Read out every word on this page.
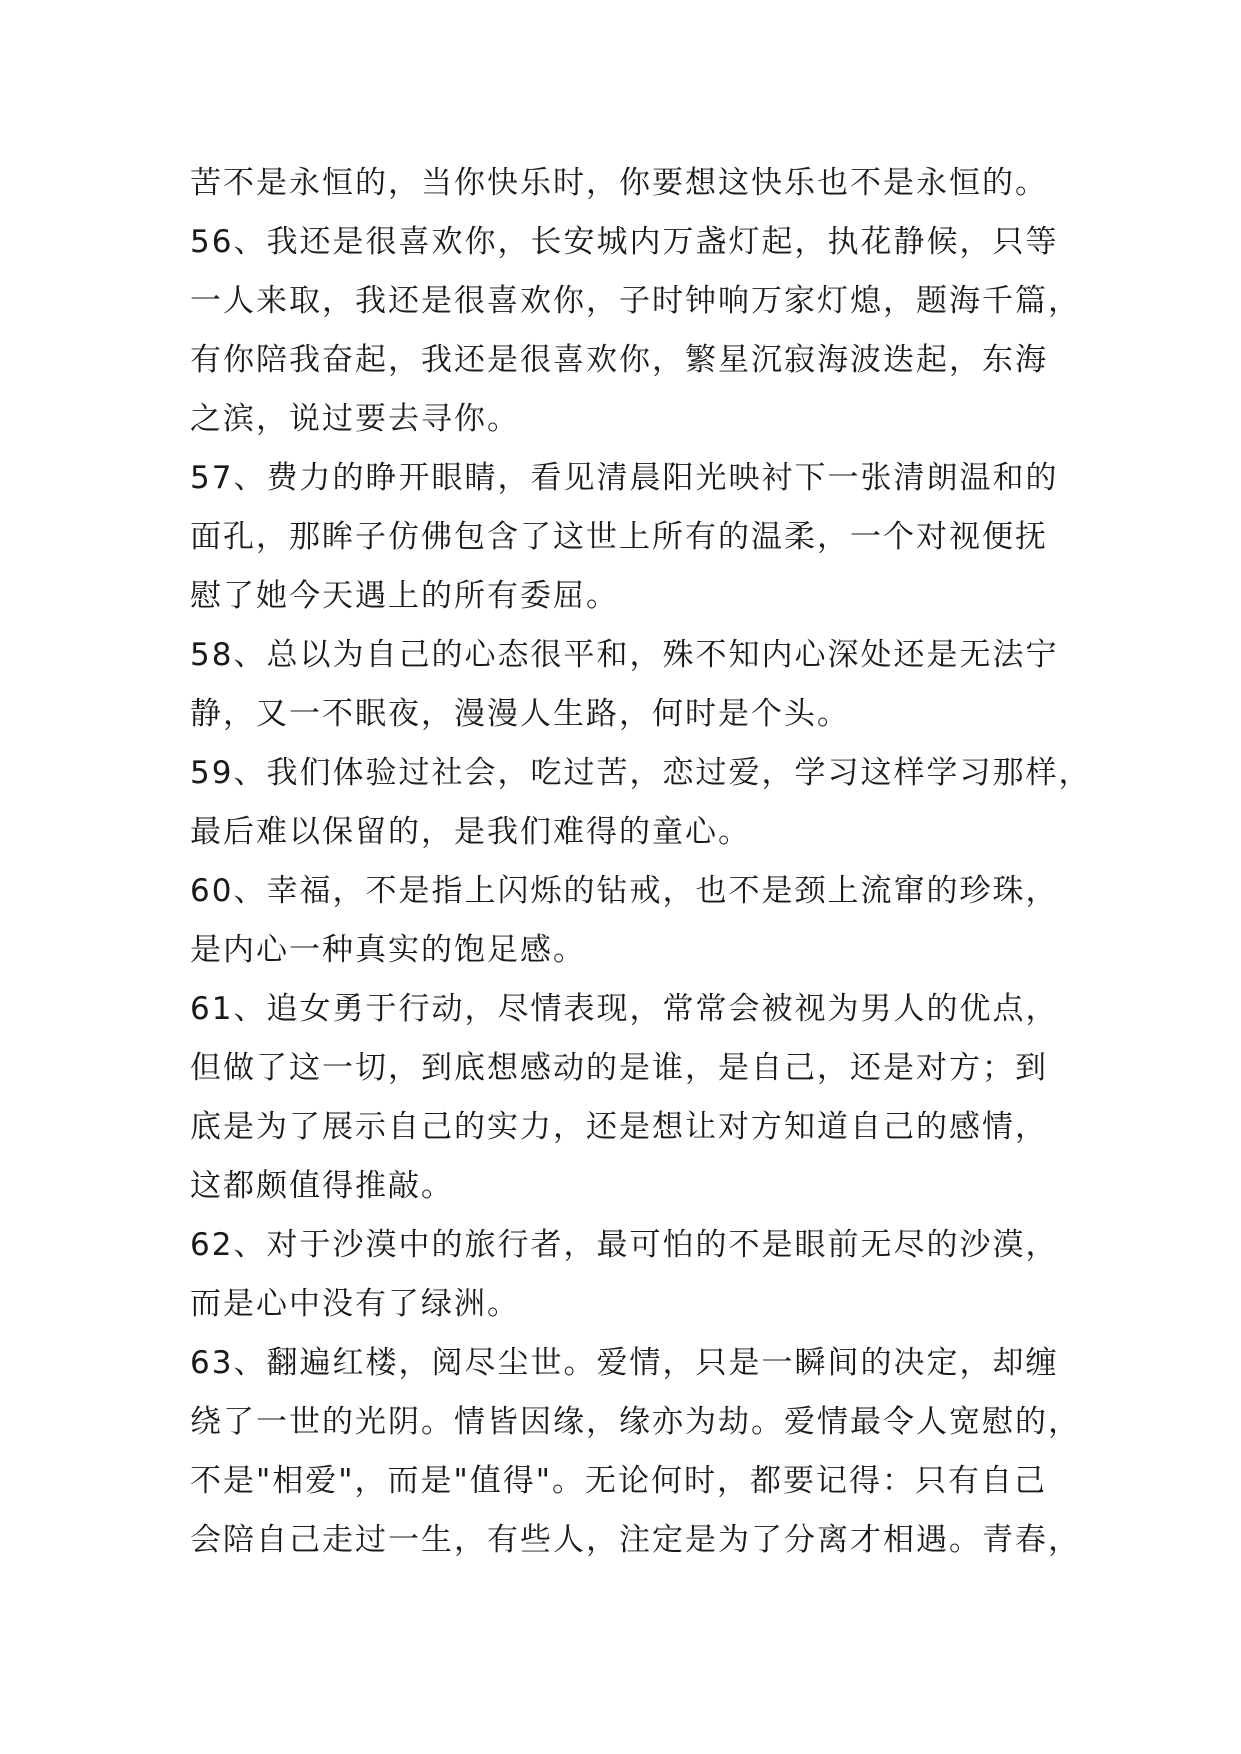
苦不是永恒的，当你快乐时，你要想这快乐也不是永恒的。
56、我还是很喜欢你，长安城内万盏灯起，执花静候，只等
一人来取，我还是很喜欢你，子时钟响万家灯熄，题海千篇，
有你陪我奋起，我还是很喜欢你，繁星沉寂海波迭起，东海
之滨，说过要去寻你。
57、费力的睁开眼睛，看见清晨阳光映衬下一张清朗温和的
面孔，那眸子仿佛包含了这世上所有的温柔，一个对视便抚
慰了她今天遇上的所有委屈。
58、总以为自己的心态很平和，殊不知内心深处还是无法宁
静，又一不眠夜，漫漫人生路，何时是个头。
59、我们体验过社会，吃过苦，恋过爱，学习这样学习那样，
最后难以保留的，是我们难得的童心。
60、幸福，不是指上闪烁的钻戒，也不是颈上流窜的珍珠，
是内心一种真实的饱足感。
61、追女勇于行动，尽情表现，常常会被视为男人的优点，
但做了这一切，到底想感动的是谁，是自己，还是对方；到
底是为了展示自己的实力，还是想让对方知道自己的感情，
这都颇值得推敲。
62、对于沙漠中的旅行者，最可怕的不是眼前无尽的沙漠，
而是心中没有了绿洲。
63、翻遍红楼，阅尽尘世。爱情，只是一瞬间的决定，却缠
绕了一世的光阴。情皆因缘，缘亦为劫。爱情最令人宽慰的，
不是"相爱"，而是"值得"。无论何时，都要记得：只有自己
会陪自己走过一生，有些人，注定是为了分离才相遇。青春，
